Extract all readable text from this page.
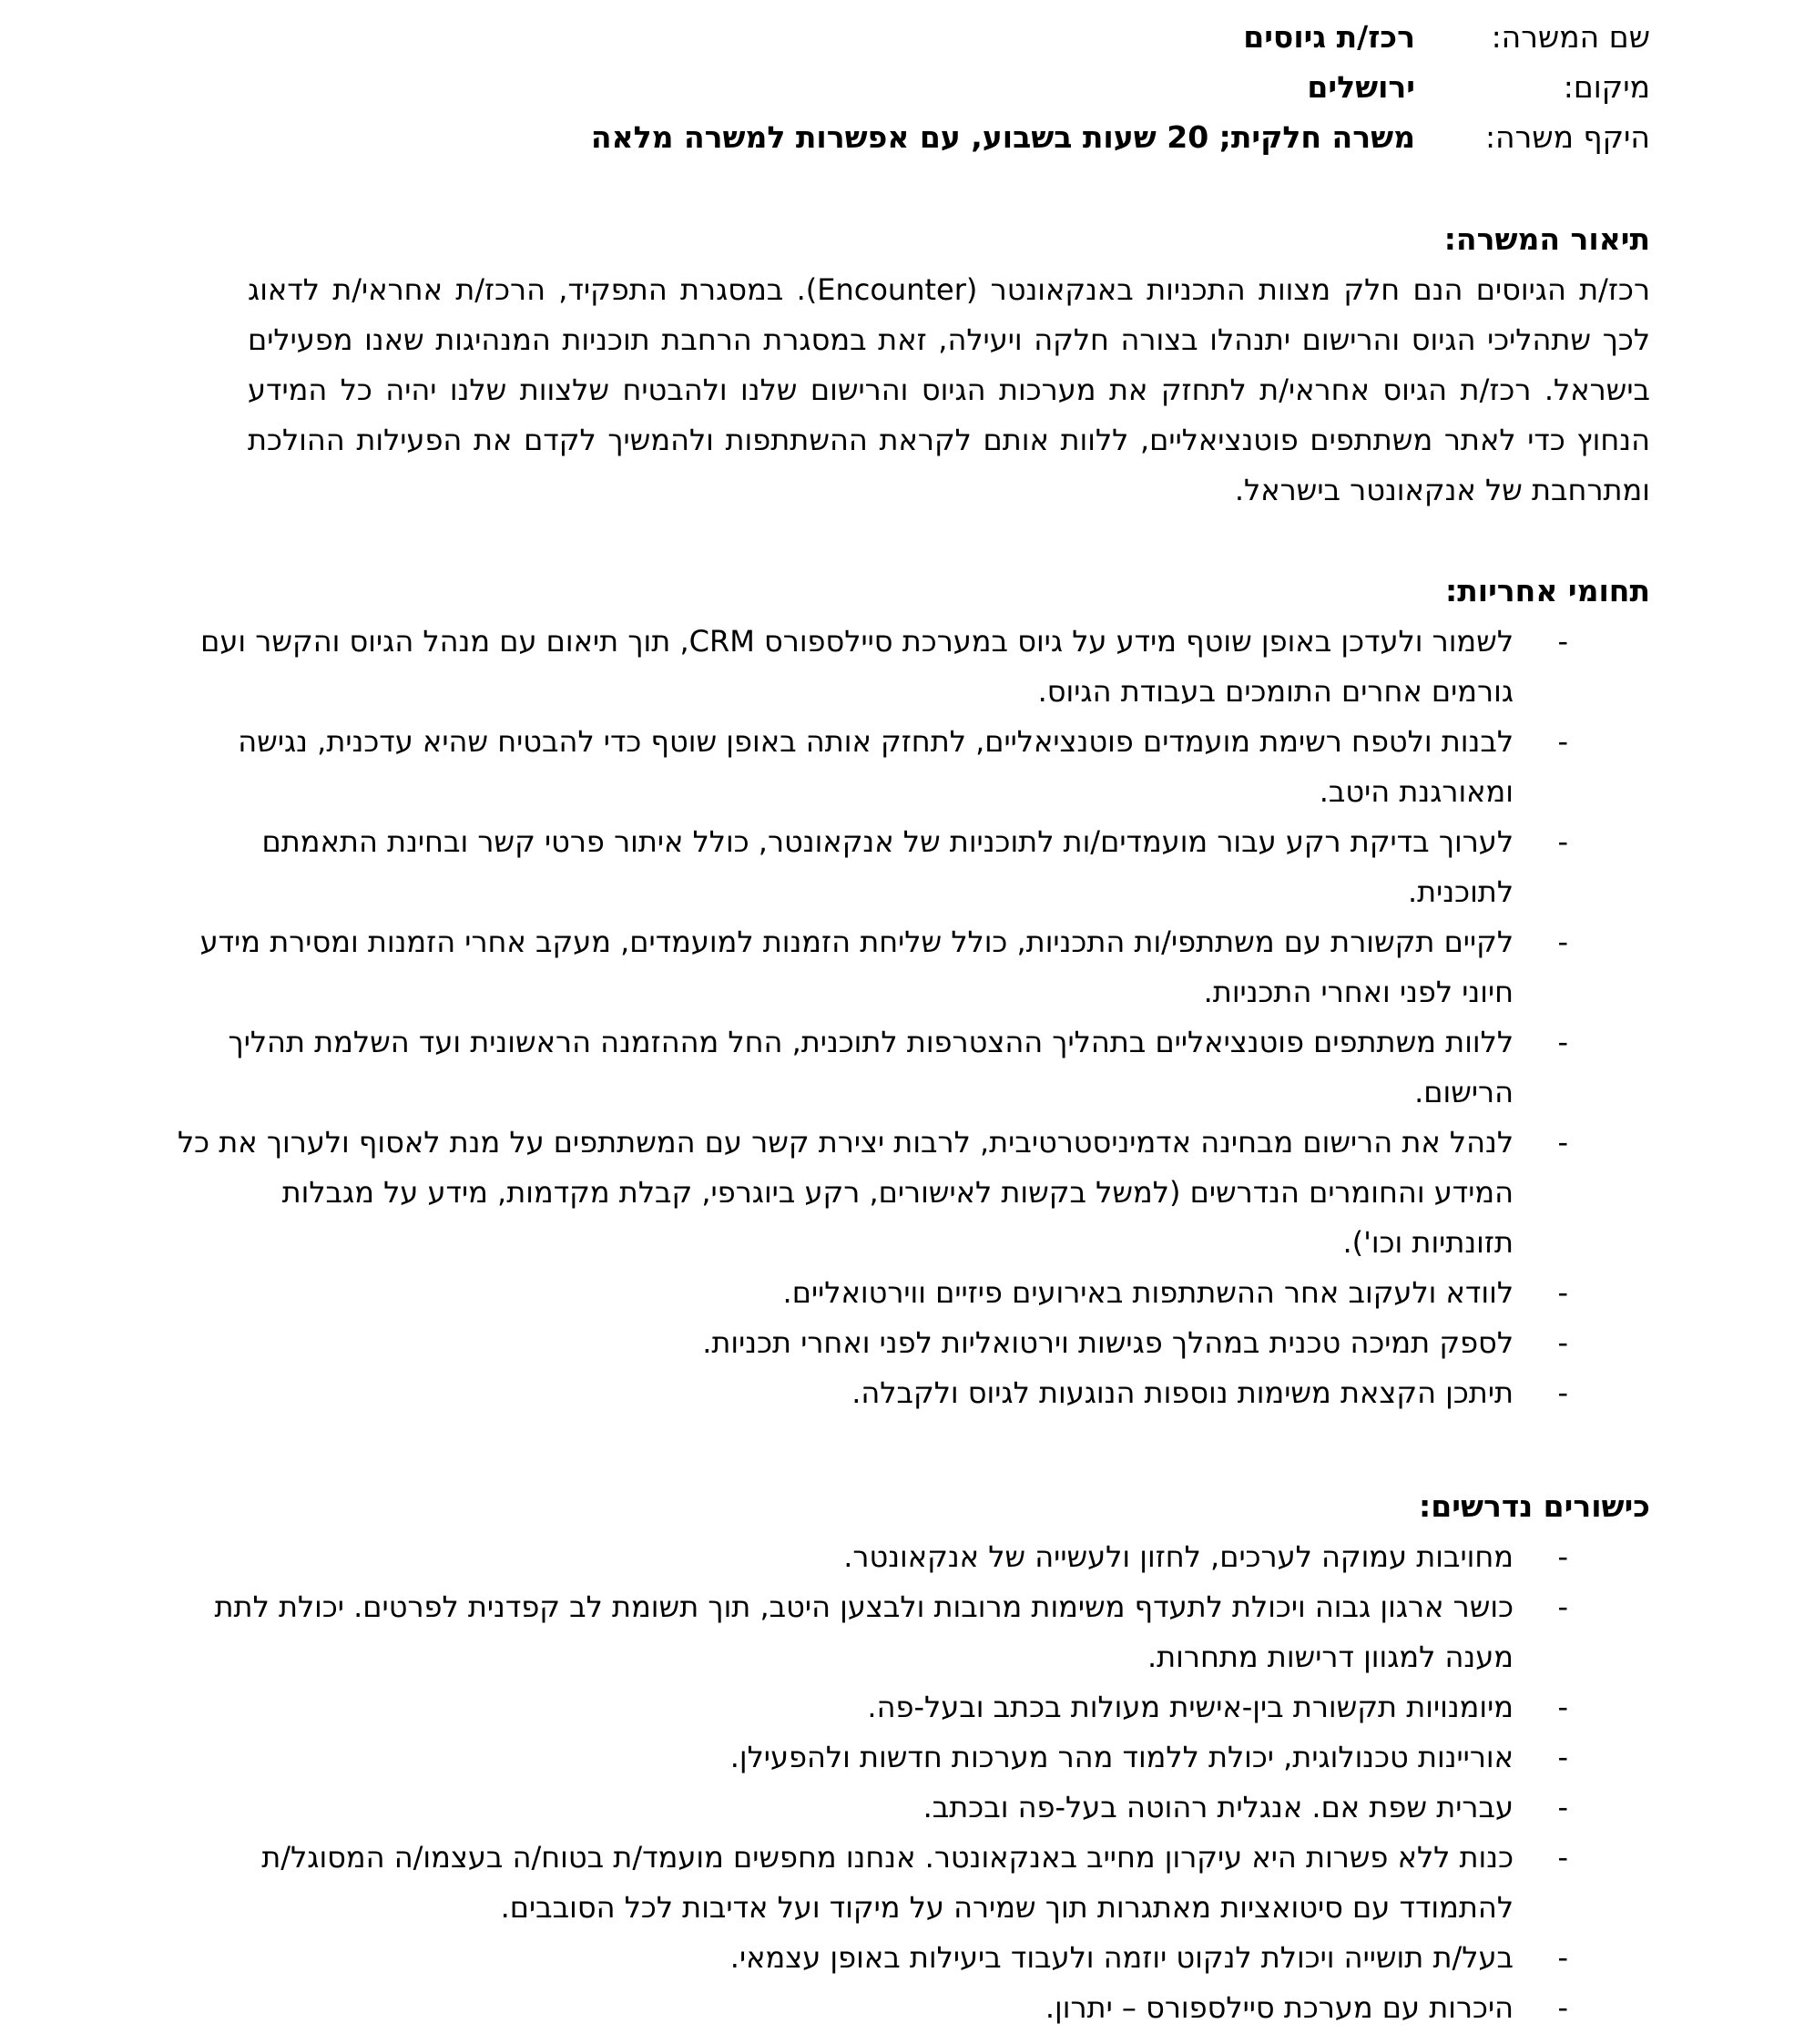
שם המשרה:
רכז/ת גיוסים
מיקום:
ירושלים
היקף משרה:
משרה חלקית; 20 שעות בשבוע, עם אפשרות למשרה מלאה
תיאור המשרה:
רכז/ת הגיוסים הנם חלק מצוות התכניות באנקאונטר (Encounter). במסגרת התפקיד, הרכז/ת אחראי/ת לדאוג לכך שתהליכי הגיוס והרישום יתנהלו בצורה חלקה ויעילה, זאת במסגרת הרחבת תוכניות המנהיגות שאנו מפעילים בישראל. רכז/ת הגיוס אחראי/ת לתחזק את מערכות הגיוס והרישום שלנו ולהבטיח שלצוות שלנו יהיה כל המידע הנחוץ כדי לאתר משתתפים פוטנציאליים, ללוות אותם לקראת ההשתתפות ולהמשיך לקדם את הפעילות ההולכת ומתרחבת של אנקאונטר בישראל.
תחומי אחריות:
-
לשמור ולעדכן באופן שוטף מידע על גיוס במערכת סיילספורס CRM, תוך תיאום עם מנהל הגיוס והקשר ועם גורמים אחרים התומכים בעבודת הגיוס.
-
לבנות ולטפח רשימת מועמדים פוטנציאליים, לתחזק אותה באופן שוטף כדי להבטיח שהיא עדכנית, נגישה ומאורגנת היטב.
-
לערוך בדיקת רקע עבור מועמדים/ות לתוכניות של אנקאונטר, כולל איתור פרטי קשר ובחינת התאמתם לתוכנית.
-
לקיים תקשורת עם משתתפי/ות התכניות, כולל שליחת הזמנות למועמדים, מעקב אחרי הזמנות ומסירת מידע חיוני לפני ואחרי התכניות.
-
ללוות משתתפים פוטנציאליים בתהליך ההצטרפות לתוכנית, החל מההזמנה הראשונית ועד השלמת תהליך הרישום.
-
לנהל את הרישום מבחינה אדמיניסטרטיבית, לרבות יצירת קשר עם המשתתפים על מנת לאסוף ולערוך את כל המידע והחומרים הנדרשים (למשל בקשות לאישורים, רקע ביוגרפי, קבלת מקדמות, מידע על מגבלות תזונתיות וכו').
-
לוודא ולעקוב אחר ההשתתפות באירועים פיזיים ווירטואליים.
-
לספק תמיכה טכנית במהלך פגישות וירטואליות לפני ואחרי תכניות.
-
תיתכן הקצאת משימות נוספות הנוגעות לגיוס ולקבלה.
כישורים נדרשים:
-
מחויבות עמוקה לערכים, לחזון ולעשייה של אנקאונטר.
-
כושר ארגון גבוה ויכולת לתעדף משימות מרובות ולבצען היטב, תוך תשומת לב קפדנית לפרטים. יכולת לתת מענה למגוון דרישות מתחרות.
-
מיומנויות תקשורת בין-אישית מעולות בכתב ובעל-פה.
-
אוריינות טכנולוגית, יכולת ללמוד מהר מערכות חדשות ולהפעילן.
-
עברית שפת אם. אנגלית רהוטה בעל-פה ובכתב.
-
כנות ללא פשרות היא עיקרון מחייב באנקאונטר. אנחנו מחפשים מועמד/ת בטוח/ה בעצמו/ה המסוגל/ת להתמודד עם סיטואציות מאתגרות תוך שמירה על מיקוד ועל אדיבות לכל הסובבים.
-
בעל/ת תושייה ויכולת לנקוט יוזמה ולעבוד ביעילות באופן עצמאי.
-
היכרות עם מערכת סיילספורס – יתרון.
